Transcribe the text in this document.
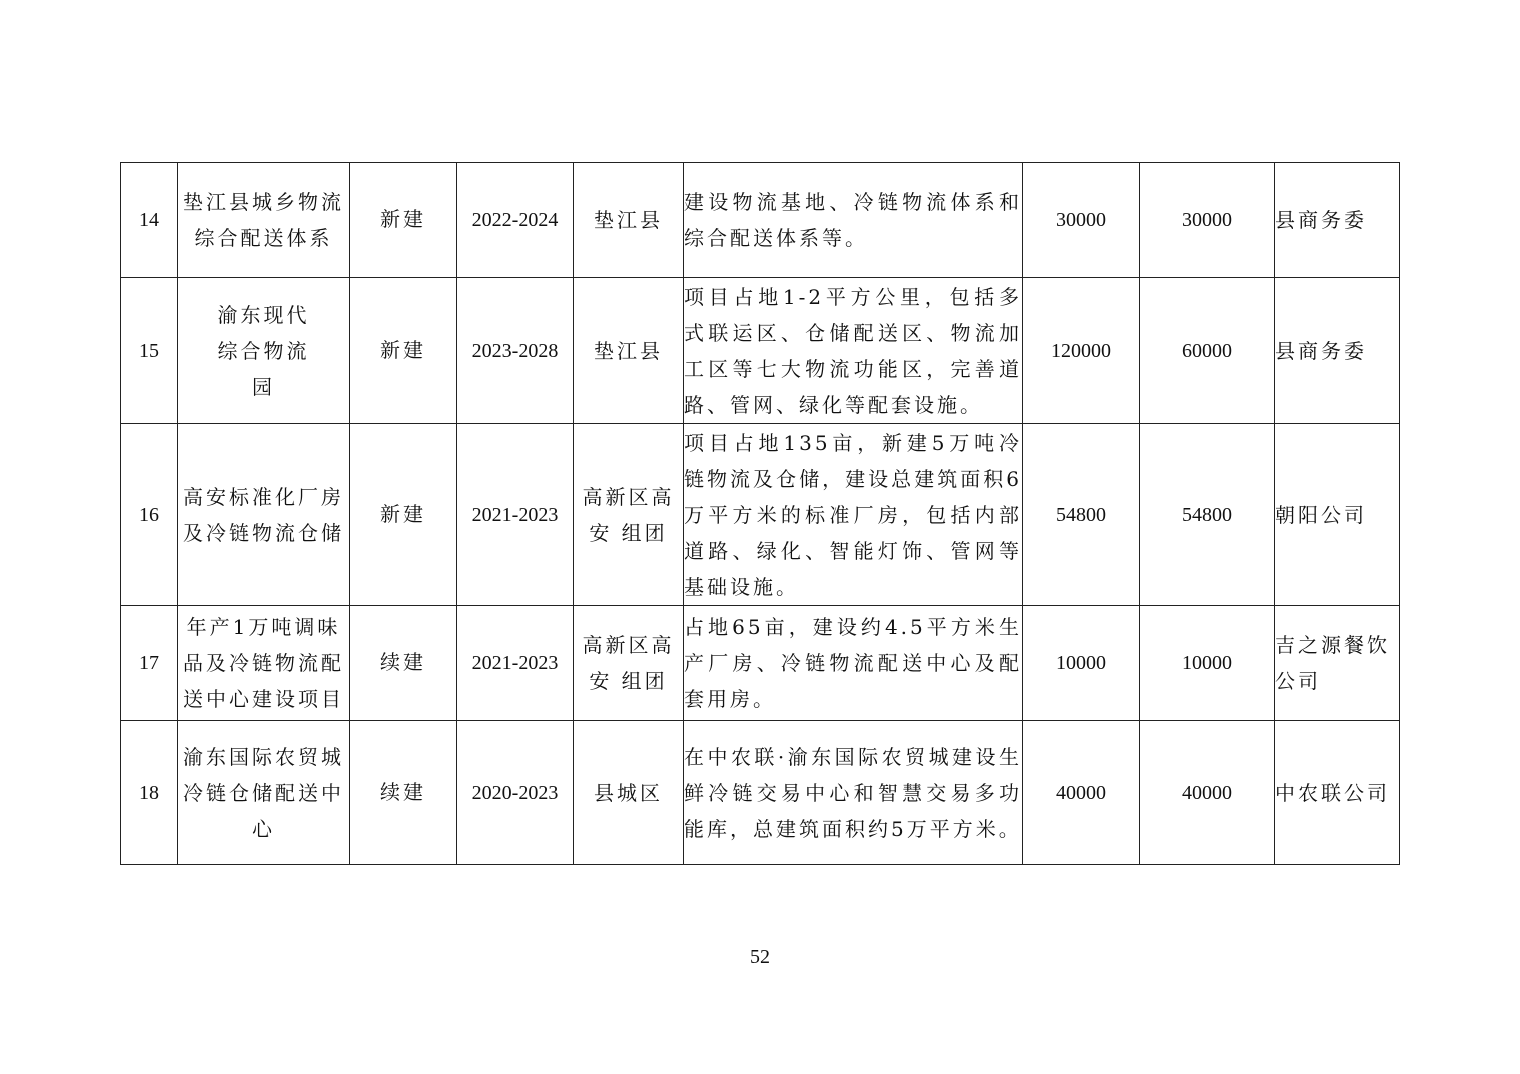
14	垫江县城乡物流综合配送体系	新建	2022-2024	垫江县	建设物流基地、冷链物流体系和综合配送体系等。	30000	30000	县商务委
15	渝东现代综合物流园	新建	2023-2028	垫江县	项目占地1-2平方公里，包括多式联运区、仓储配送区、物流加工区等七大物流功能区，完善道路、管网、绿化等配套设施。	120000	60000	县商务委
16	高安标准化厂房及冷链物流仓储	新建	2021-2023	高新区高安 组团	项目占地135亩，新建5万吨冷链物流及仓储，建设总建筑面积6万平方米的标准厂房，包括内部道路、绿化、智能灯饰、管网等基础设施。	54800	54800	朝阳公司
17	年产1万吨调味品及冷链物流配送中心建设项目	续建	2021-2023	高新区高安 组团	占地65亩，建设约4.5平方米生产厂房、冷链物流配送中心及配套用房。	10000	10000	吉之源餐饮公司
18	渝东国际农贸城冷链仓储配送中心	续建	2020-2023	县城区	在中农联·渝东国际农贸城建设生鲜冷链交易中心和智慧交易多功能库，总建筑面积约5万平方米。	40000	40000	中农联公司
52
